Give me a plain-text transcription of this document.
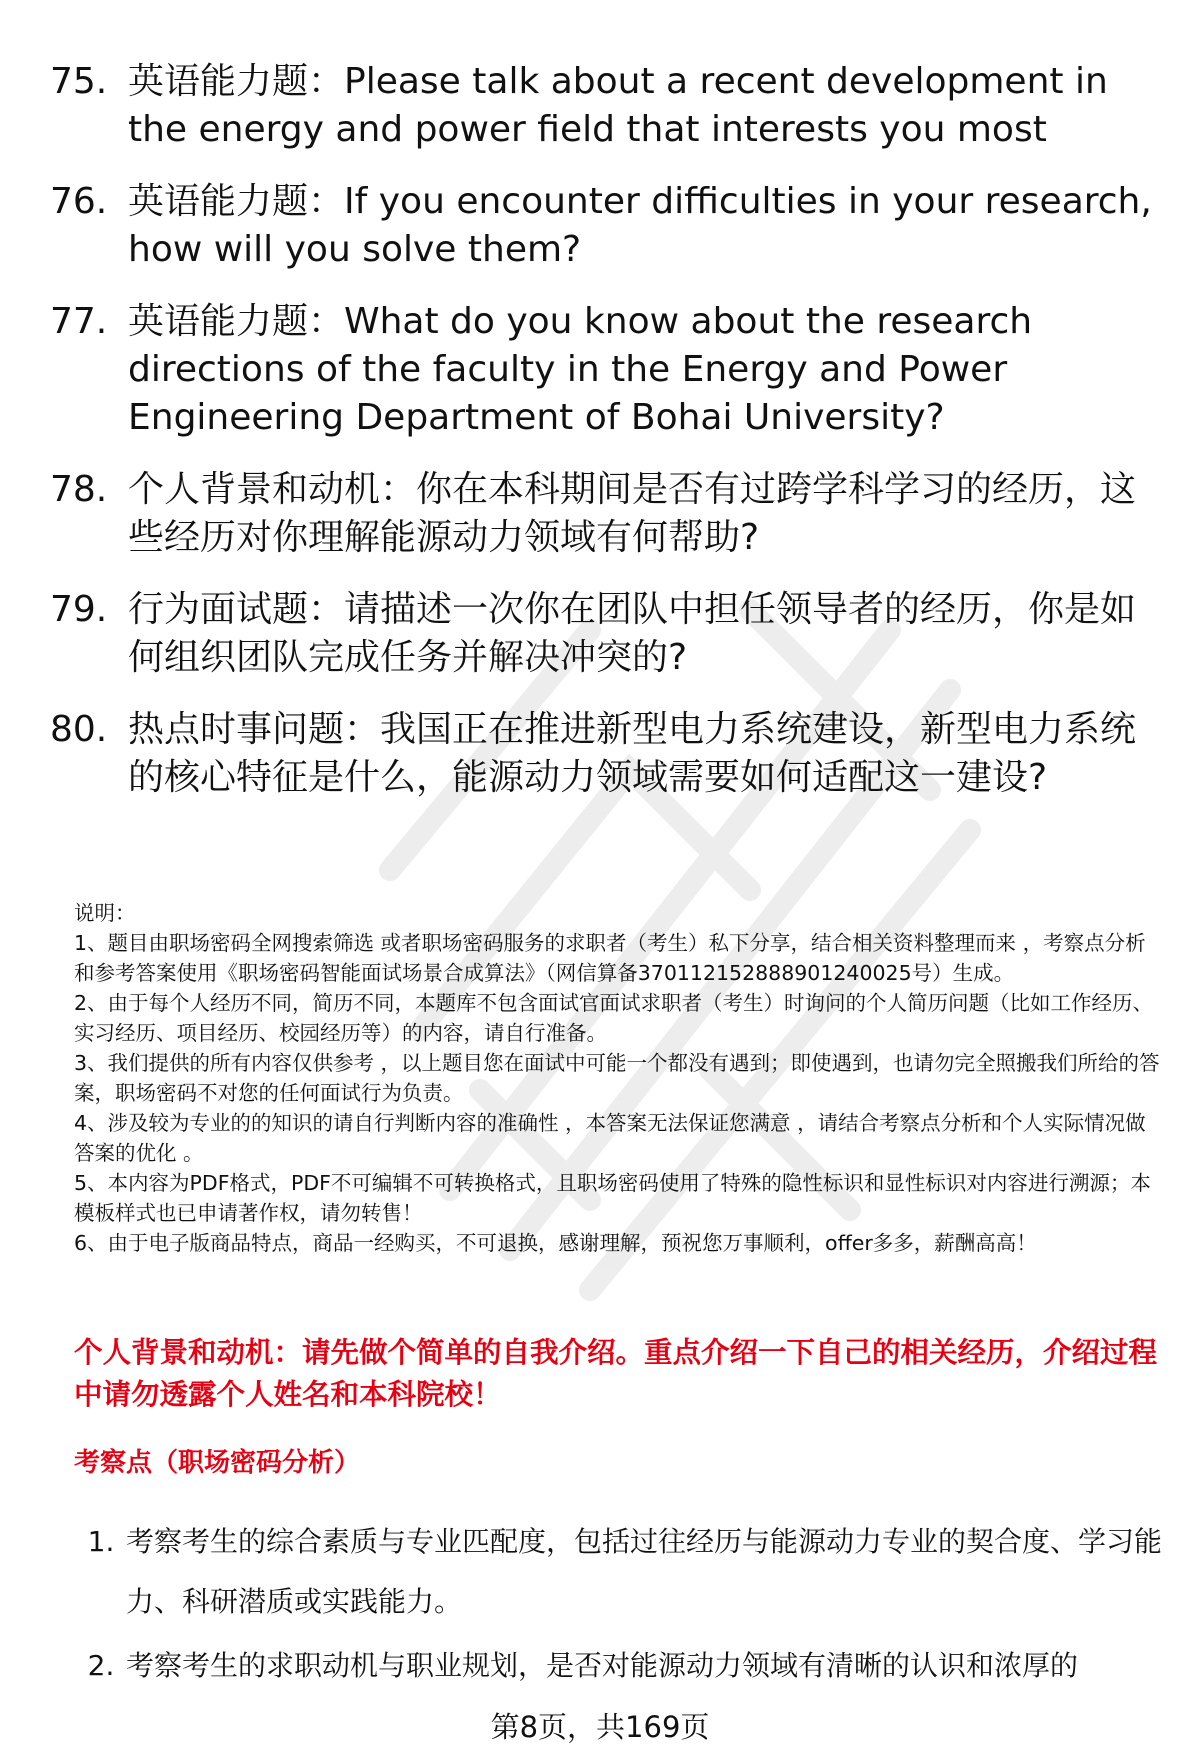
75. 英语能力题：Please talk about a recent development in the energy and power field that interests you most
76. 英语能力题：If you encounter difficulties in your research, how will you solve them?
77. 英语能力题：What do you know about the research directions of the faculty in the Energy and Power Engineering Department of Bohai University?
78. 个人背景和动机：你在本科期间是否有过跨学科学习的经历，这些经历对你理解能源动力领域有何帮助?
79. 行为面试题：请描述一次你在团队中担任领导者的经历，你是如何组织团队完成任务并解决冲突的?
80. 热点时事问题：我国正在推进新型电力系统建设，新型电力系统的核心特征是什么，能源动力领域需要如何适配这一建设?

说明：

1、题目由职场密码全网搜索筛选 或者职场密码服务的求职者（考生）私下分享，结合相关资料整理而来 ，考察点分析和参考答案使用《职场密码智能面试场景合成算法》（网信算备370112152888901240025号）生成。

2、由于每个人经历不同，简历不同，本题库不包含面试官面试求职者（考生）时询问的个人简历问题（比如工作经历、实习经历、项目经历、校园经历等）的内容，请自行准备。

3、我们提供的所有内容仅供参考 ，以上题目您在面试中可能一个都没有遇到；即使遇到，也请勿完全照搬我们所给的答案，职场密码不对您的任何面试行为负责。

4、涉及较为专业的的知识的请自行判断内容的准确性 ，本答案无法保证您满意 ，请结合考察点分析和个人实际情况做答案的优化 。

5、本内容为PDF格式，PDF不可编辑不可转换格式，且职场密码使用了特殊的隐性标识和显性标识对内容进行溯源；本模板样式也已申请著作权，请勿转售！

6、由于电子版商品特点，商品一经购买，不可退换，感谢理解，预祝您万事顺利，offer多多，薪酬高高！

个人背景和动机：请先做个简单的自我介绍。重点介绍一下自己的相关经历，介绍过程中请勿透露个人姓名和本科院校！
考察点（职场密码分析）
1. 考察考生的综合素质与专业匹配度，包括过往经历与能源动力专业的契合度、学习能力、科研潜质或实践能力。
2. 考察考生的求职动机与职业规划，是否对能源动力领域有清晰的认识和浓厚的
第8页，共169页
